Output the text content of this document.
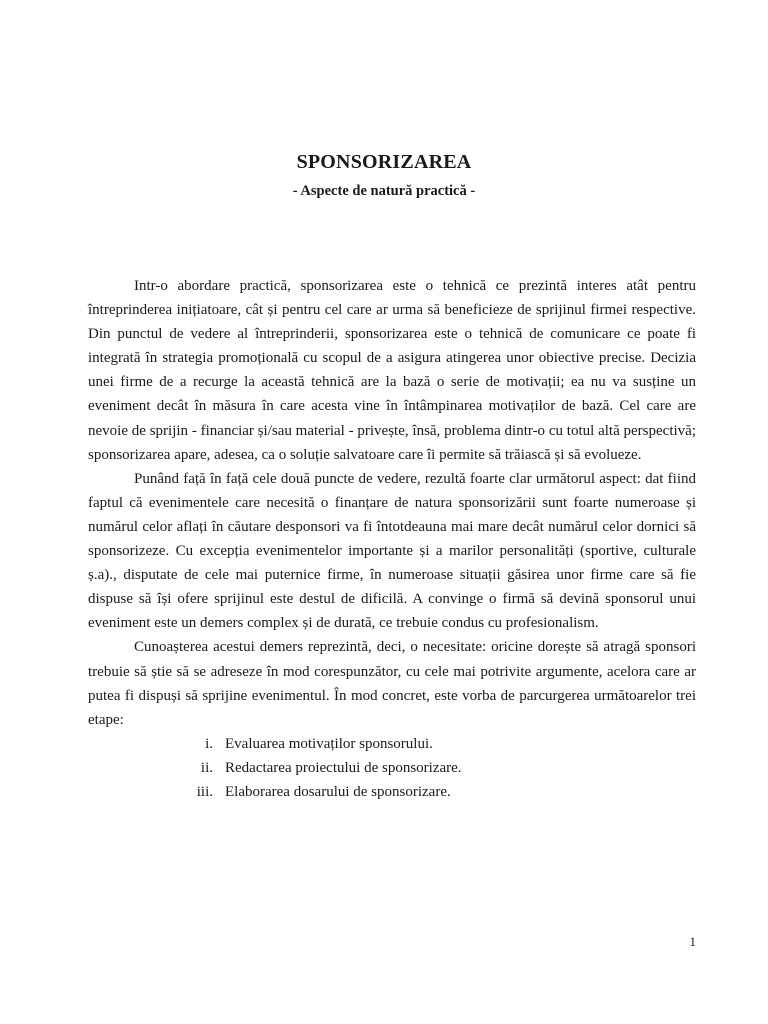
SPONSORIZAREA
- Aspecte de natură practică -

Intr-o abordare practică, sponsorizarea este o tehnică ce prezintă interes atât pentru întreprinderea inițiatoare, cât și pentru cel care ar urma să beneficieze de sprijinul firmei respective. Din punctul de vedere al întreprinderii, sponsorizarea este o tehnică de comunicare ce poate fi integrată în strategia promoțională cu scopul de a asigura atingerea unor obiective precise. Decizia unei firme de a recurge la această tehnică are la bază o serie de motivații; ea nu va susține un eveniment decât în măsura în care acesta vine în întâmpinarea motivaților de bază. Cel care are nevoie de sprijin - financiar și/sau material - privește, însă, problema dintr-o cu totul altă perspectivă; sponsorizarea apare, adesea, ca o soluție salvatoare care îi permite să trăiască și să evolueze.

Punând față în față cele două puncte de vedere, rezultă foarte clar următorul aspect: dat fiind faptul că evenimentele care necesită o finanțare de natura sponsorizării sunt foarte numeroase și numărul celor aflați în căutare desponsori va fi întotdeauna mai mare decât numărul celor dornici să sponsorizeze. Cu excepția evenimentelor importante și a marilor personalități (sportive, culturale ș.a)., disputate de cele mai puternice firme, în numeroase situații găsirea unor firme care să fie dispuse să își ofere sprijinul este destul de dificilă. A convinge o firmă să devină sponsorul unui eveniment este un demers complex și de durată, ce trebuie condus cu profesionalism.

Cunoașterea acestui demers reprezintă, deci, o necesitate: oricine dorește să atragă sponsori trebuie să știe să se adreseze în mod corespunzător, cu cele mai potrivite argumente, acelora care ar putea fi dispuși să sprijine evenimentul. În mod concret, este vorba de parcurgerea următoarelor trei etape:

i. Evaluarea motivaților sponsorului.
ii. Redactarea proiectului de sponsorizare.
iii. Elaborarea dosarului de sponsorizare.

1
